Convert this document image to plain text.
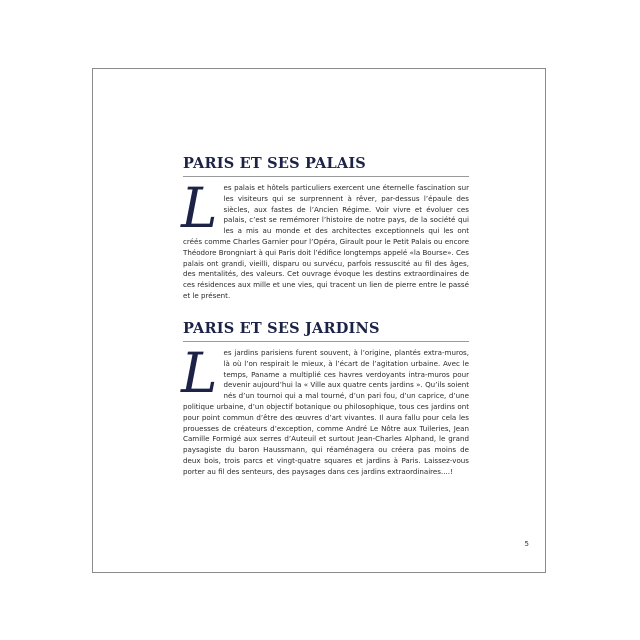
PARIS ET SES PALAIS
L es palais et hôtels particuliers exercent une éternelle fascination sur les visiteurs qui se surprennent à rêver, par-dessus l’épaule des siècles, aux fastes de l’Ancien Régime. Voir vivre et évoluer ces palais, c’est se remémorer l’histoire de notre pays, de la société qui les a mis au monde et des architectes exceptionnels qui les ont créés comme Charles Garnier pour l’Opéra, Girault pour le Petit Palais ou encore Théodore Brongniart à qui Paris doit l’édifice longtemps appelé «la Bourse». Ces palais ont grandi, vieilli, disparu ou survécu, parfois ressuscité au fil des âges, des mentalités, des valeurs. Cet ouvrage évoque les destins extraordinaires de ces résidences aux mille et une vies, qui tracent un lien de pierre entre le passé et le présent.
PARIS ET SES JARDINS
L es jardins parisiens furent souvent, à l’origine, plantés extra-muros, là où l’on respirait le mieux, à l’écart de l’agitation urbaine. Avec le temps, Paname a multiplié ces havres verdoyants intra-muros pour devenir aujourd’hui la « Ville aux quatre cents jardins ». Qu’ils soient nés d’un tournoi qui a mal tourné, d’un pari fou, d’un caprice, d’une politique urbaine, d’un objectif botanique ou philosophique, tous ces jardins ont pour point commun d’être des œuvres d’art vivantes. Il aura fallu pour cela les prouesses de créateurs d’exception, comme André Le Nôtre aux Tuileries, Jean Camille Formigé aux serres d’Auteuil et surtout Jean-Charles Alphand, le grand paysagiste du baron Haussmann, qui réaménagera ou créera pas moins de deux bois, trois parcs et vingt-quatre squares et jardins à Paris. Laissez-vous porter au fil des senteurs, des paysages dans ces jardins extraordinaires....!
5
